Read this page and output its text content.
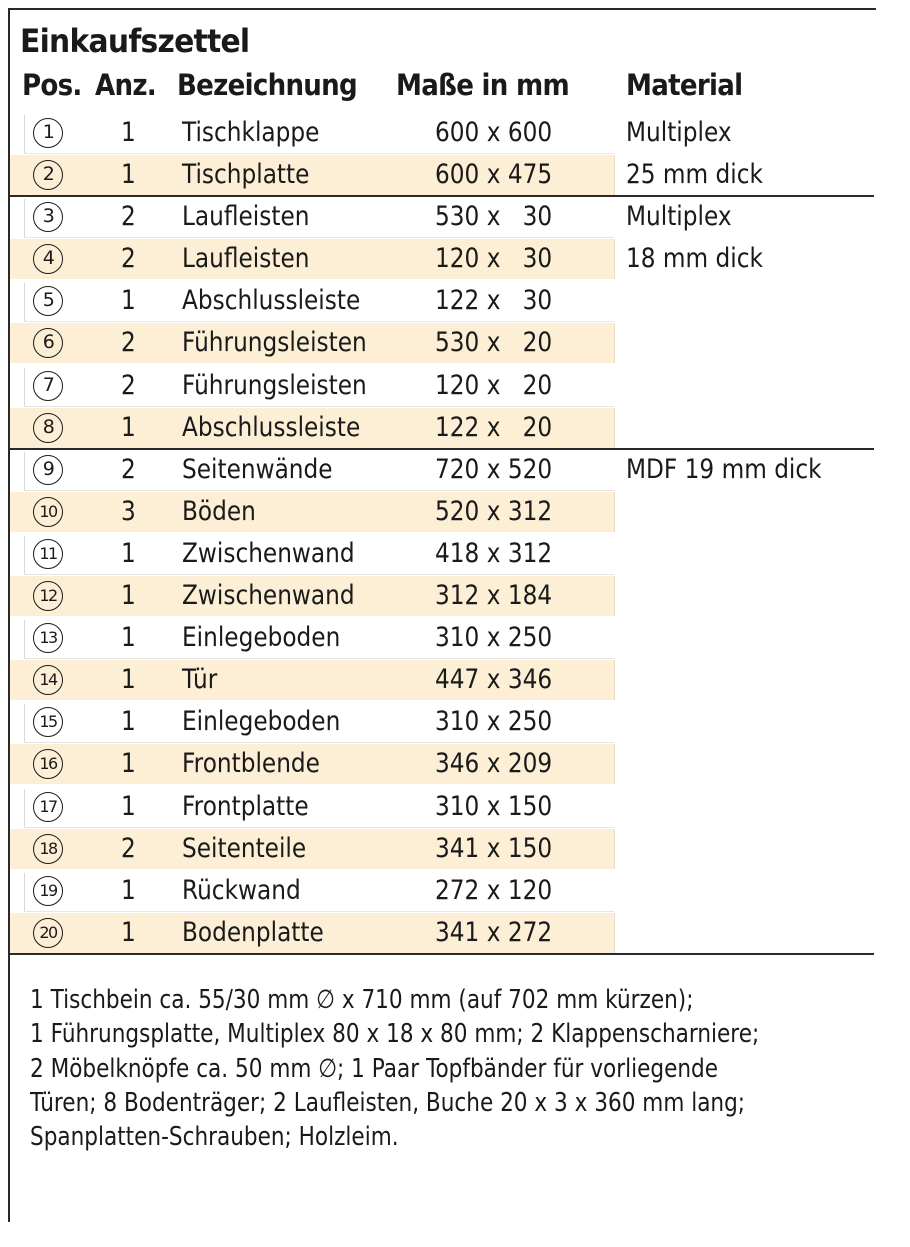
Einkaufszettel
Pos. Anz. Bezeichnung Maße in mm Material
1	1 Tischklappe	600 x 600	Multiplex
2	1 Tischplatte	600 x 475	25 mm dick
3	2 Laufleisten	530 x   30	Multiplex
4	2 Laufleisten	120 x   30	18 mm dick
5	1 Abschlussleiste	122 x   30
6	2 Führungsleisten	530 x   20
7	2 Führungsleisten	120 x   20
8	1 Abschlussleiste	122 x   20
9	2 Seitenwände	720 x 520	MDF 19 mm dick
10 3 Böden	520 x 312
11 1 Zwischenwand	418 x 312
12 1 Zwischenwand	312 x 184
13 1 Einlegeboden	310 x 250
14 1 Tür	447 x 346
15 1 Einlegeboden	310 x 250
16 1 Frontblende	346 x 209
17 1 Frontplatte	310 x 150
18 2 Seitenteile	341 x 150
19 1 Rückwand	272 x 120
20 1 Bodenplatte	341 x 272
1 Tischbein ca. 55/30 mm ∅ x 710 mm (auf 702 mm kürzen);
1 Führungsplatte, Multiplex 80 x 18 x 80 mm; 2 Klappenscharniere;
2 Möbelknöpfe ca. 50 mm ∅; 1 Paar Topfbänder für vorliegende
Türen; 8 Bodenträger; 2 Laufleisten, Buche 20 x 3 x 360 mm lang;
Spanplatten-Schrauben; Holzleim.
